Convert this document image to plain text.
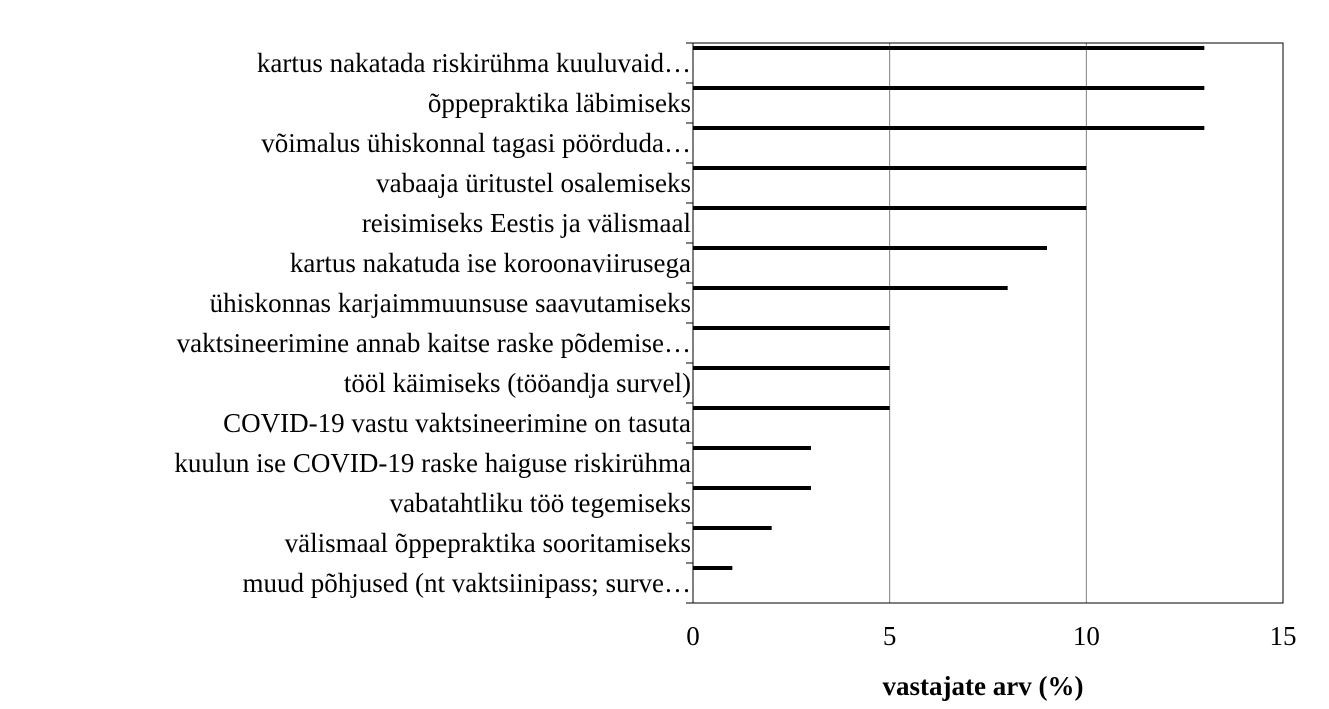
kartus nakatada riskirühma kuuluvaid…
õppepraktika läbimiseks
võimalus ühiskonnal tagasi pöörduda…
vabaaja üritustel osalemiseks
reisimiseks Eestis ja välismaal
kartus nakatuda ise koroonaviirusega
ühiskonnas karjaimmuunsuse saavutamiseks
vaktsineerimine annab kaitse raske põdemise…
tööl käimiseks (tööandja survel)
COVID-19 vastu vaktsineerimine on tasuta
kuulun ise COVID-19 raske haiguse riskirühma
vabatahtliku töö tegemiseks
välismaal õppepraktika sooritamiseks
muud põhjused (nt vaktsiinipass; surve…
0	5	10	15
vastajate arv (%)
